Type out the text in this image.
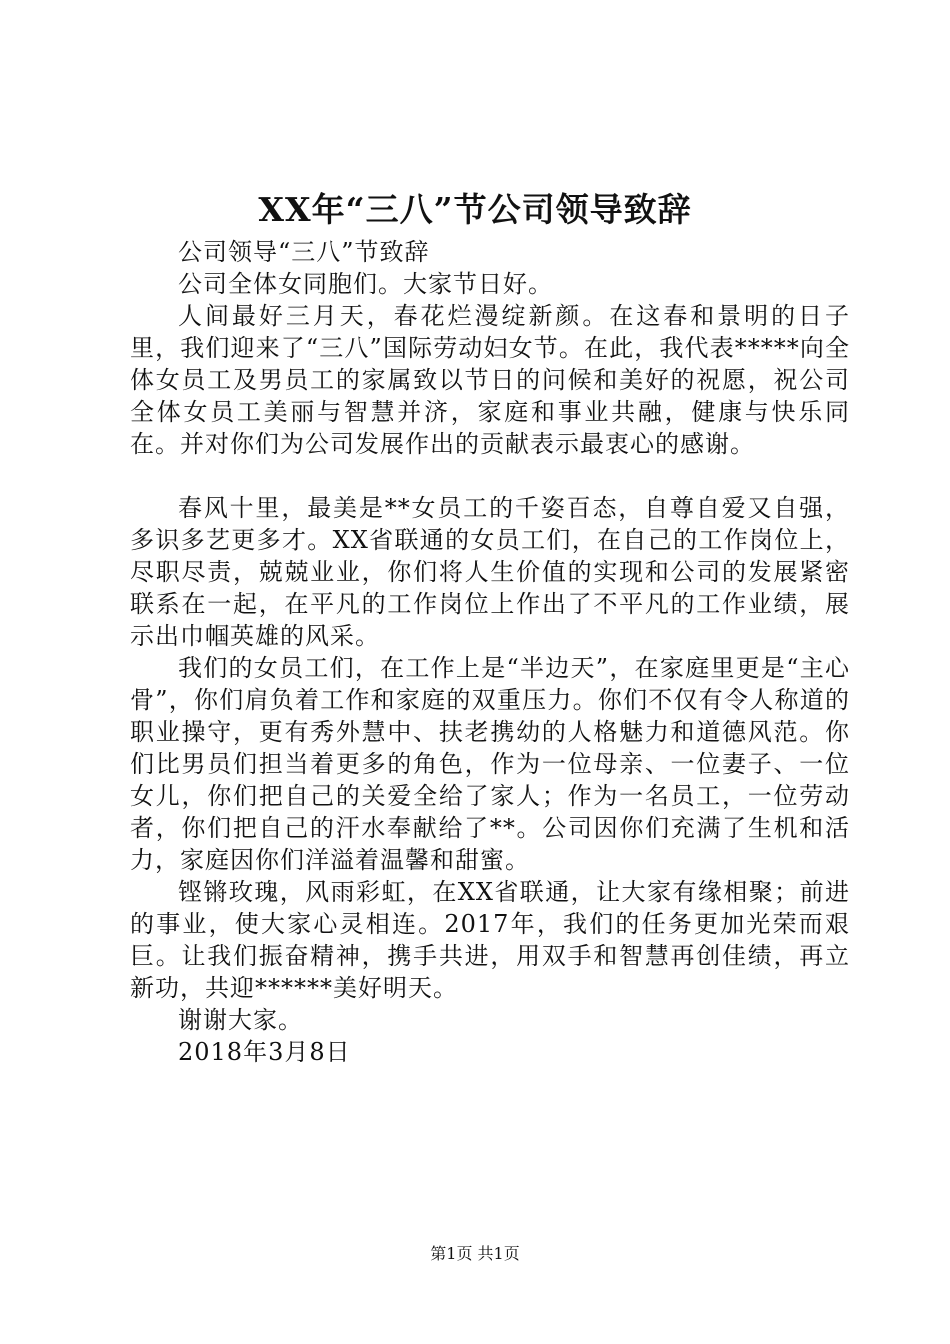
XX年“三八”节公司领导致辞

公司领导“三八”节致辞

公司全体女同胞们。大家节日好。

人间最好三月天，春花烂漫绽新颜。在这春和景明的日子里，我们迎来了“三八”国际劳动妇女节。在此，我代表*****向全体女员工及男员工的家属致以节日的问候和美好的祝愿，祝公司全体女员工美丽与智慧并济，家庭和事业共融，健康与快乐同在。并对你们为公司发展作出的贡献表示最衷心的感谢。

春风十里，最美是**女员工的千姿百态，自尊自爱又自强，多识多艺更多才。XX省联通的女员工们，在自己的工作岗位上，尽职尽责，兢兢业业，你们将人生价值的实现和公司的发展紧密联系在一起，在平凡的工作岗位上作出了不平凡的工作业绩，展示出巾帼英雄的风采。

我们的女员工们，在工作上是“半边天”，在家庭里更是“主心骨”，你们肩负着工作和家庭的双重压力。你们不仅有令人称道的职业操守，更有秀外慧中、扶老携幼的人格魅力和道德风范。你们比男员们担当着更多的角色，作为一位母亲、一位妻子、一位女儿，你们把自己的关爱全给了家人；作为一名员工，一位劳动者，你们把自己的汗水奉献给了**。公司因你们充满了生机和活力，家庭因你们洋溢着温馨和甜蜜。

铿锵玫瑰，风雨彩虹，在XX省联通，让大家有缘相聚；前进的事业，使大家心灵相连。2017年，我们的任务更加光荣而艰巨。让我们振奋精神，携手共进，用双手和智慧再创佳绩，再立新功，共迎******美好明天。

谢谢大家。

2018年3月8日

第1页 共1页
